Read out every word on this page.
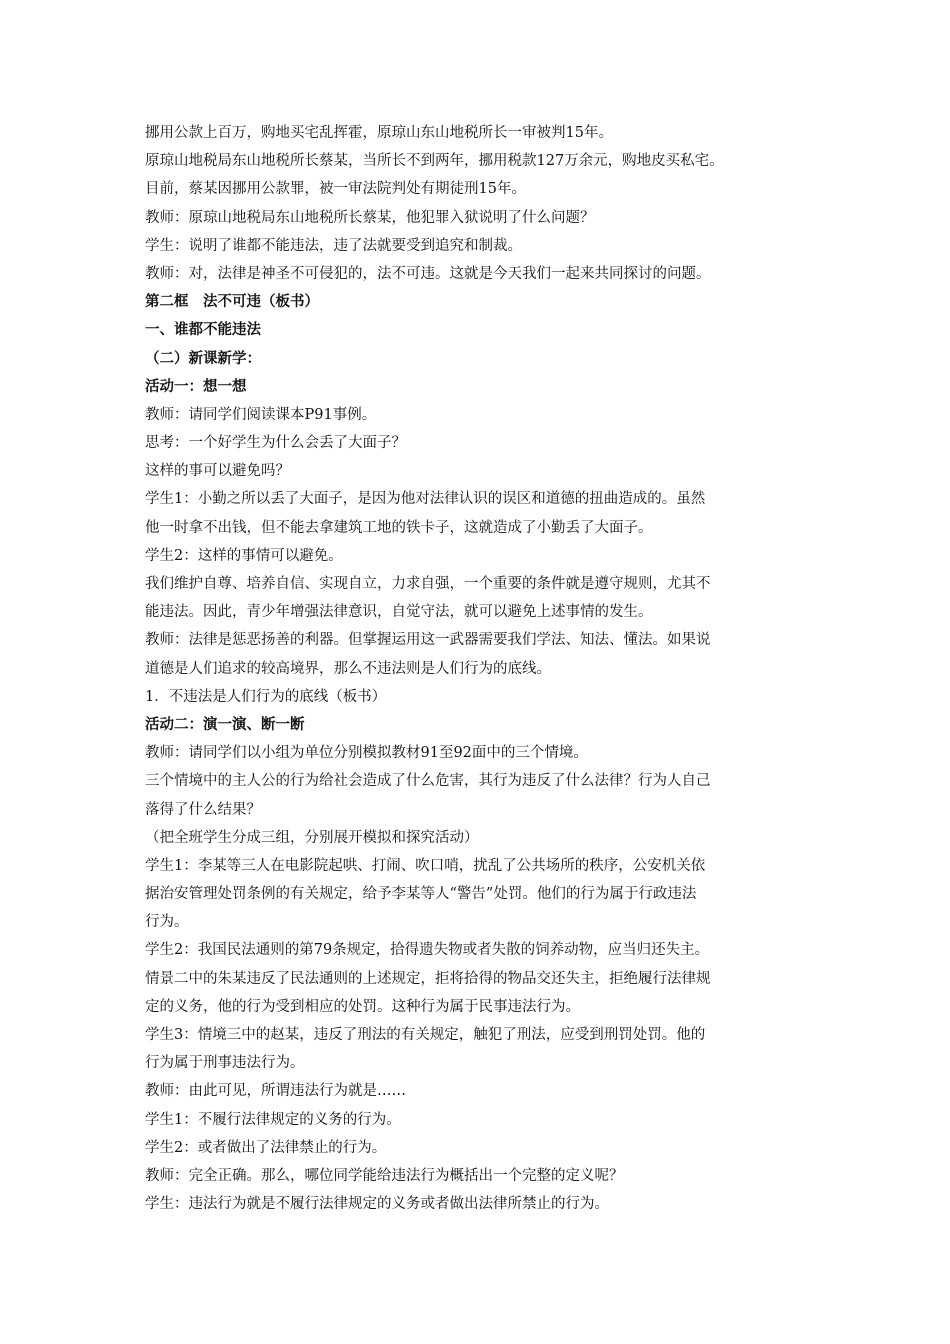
挪用公款上百万，购地买宅乱挥霍，原琼山东山地税所长一审被判15年。
原琼山地税局东山地税所长蔡某，当所长不到两年，挪用税款127万余元，购地皮买私宅。
目前，蔡某因挪用公款罪，被一审法院判处有期徒刑15年。
教师：原琼山地税局东山地税所长蔡某，他犯罪入狱说明了什么问题？
学生：说明了谁都不能违法，违了法就要受到追究和制裁。
教师：对，法律是神圣不可侵犯的，法不可违。这就是今天我们一起来共同探讨的问题。
第二框　法不可违（板书）
一、谁都不能违法
（二）新课新学：
活动一：想一想
教师：请同学们阅读课本P91事例。
思考：一个好学生为什么会丢了大面子？
这样的事可以避免吗？
学生1：小勤之所以丢了大面子，是因为他对法律认识的误区和道德的扭曲造成的。虽然
他一时拿不出钱，但不能去拿建筑工地的铁卡子，这就造成了小勤丢了大面子。
学生2：这样的事情可以避免。
我们维护自尊、培养自信、实现自立，力求自强，一个重要的条件就是遵守规则，尤其不
能违法。因此，青少年增强法律意识，自觉守法，就可以避免上述事情的发生。
教师：法律是惩恶扬善的利器。但掌握运用这一武器需要我们学法、知法、懂法。如果说
道德是人们追求的较高境界，那么不违法则是人们行为的底线。
1．不违法是人们行为的底线（板书）
活动二：演一演、断一断
教师：请同学们以小组为单位分别模拟教材91至92面中的三个情境。
三个情境中的主人公的行为给社会造成了什么危害，其行为违反了什么法律？行为人自己
落得了什么结果？
（把全班学生分成三组，分别展开模拟和探究活动）
学生1：李某等三人在电影院起哄、打闹、吹口哨，扰乱了公共场所的秩序，公安机关依
据治安管理处罚条例的有关规定，给予李某等人“警告”处罚。他们的行为属于行政违法
行为。
学生2：我国民法通则的第79条规定，拾得遗失物或者失散的饲养动物，应当归还失主。
情景二中的朱某违反了民法通则的上述规定，拒将拾得的物品交还失主，拒绝履行法律规
定的义务，他的行为受到相应的处罚。这种行为属于民事违法行为。
学生3：情境三中的赵某，违反了刑法的有关规定，触犯了刑法，应受到刑罚处罚。他的
行为属于刑事违法行为。
教师：由此可见，所谓违法行为就是……
学生1：不履行法律规定的义务的行为。
学生2：或者做出了法律禁止的行为。
教师：完全正确。那么，哪位同学能给违法行为概括出一个完整的定义呢？
学生：违法行为就是不履行法律规定的义务或者做出法律所禁止的行为。
